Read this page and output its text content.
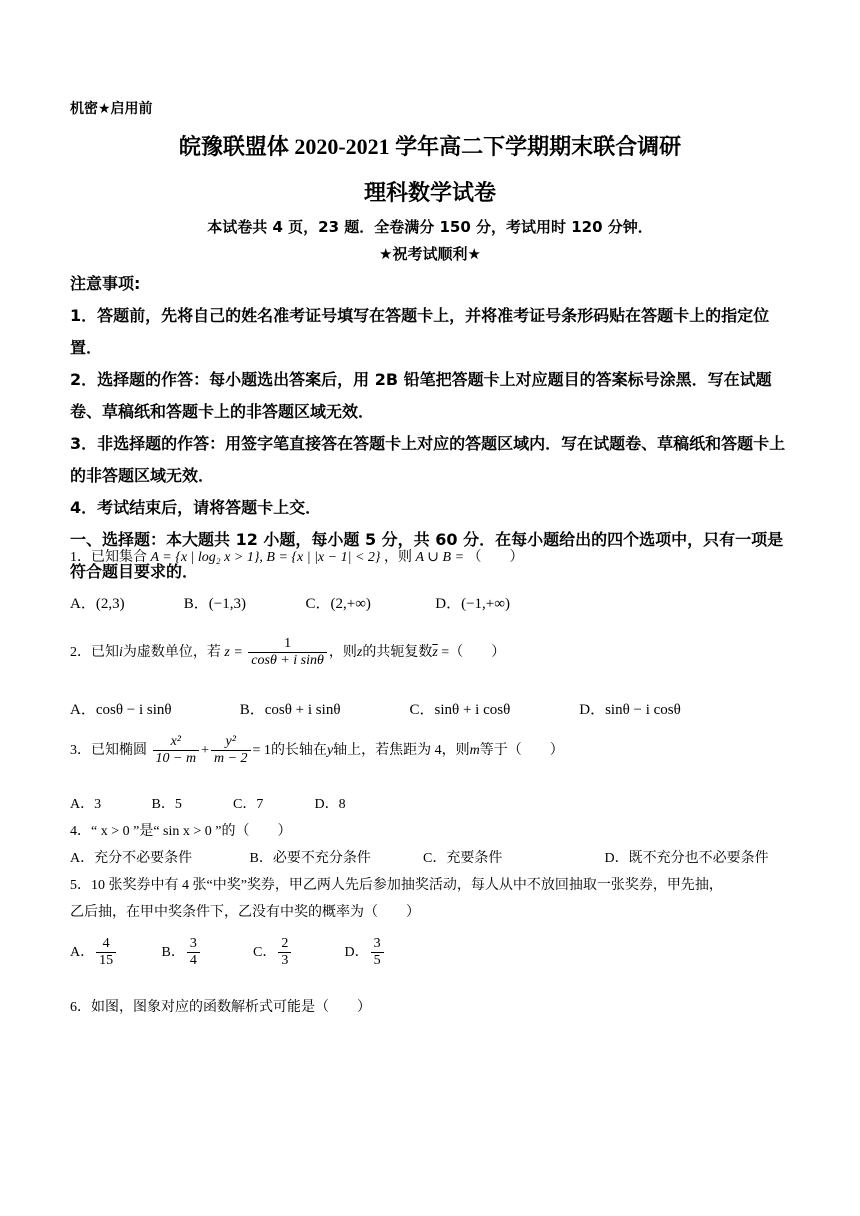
机密★启用前
皖豫联盟体 2020-2021 学年高二下学期期末联合调研
理科数学试卷
本试卷共 4 页，23 题．全卷满分 150 分，考试用时 120 分钟．
★祝考试顺利★
注意事项:
1．答题前，先将自己的姓名准考证号填写在答题卡上，并将准考证号条形码贴在答题卡上的指定位置．
2．选择题的作答：每小题选出答案后，用 2B 铅笔把答题卡上对应题目的答案标号涂黑．写在试题卷、草稿纸和答题卡上的非答题区域无效．
3．非选择题的作答：用签字笔直接答在答题卡上对应的答题区域内．写在试题卷、草稿纸和答题卡上的非答题区域无效．
4．考试结束后，请将答题卡上交．
一、选择题：本大题共 12 小题，每小题 5 分，共 60 分．在每小题给出的四个选项中，只有一项是符合题目要求的．
1．已知集合 A = {x | log₂ x > 1}, B = {x | |x − 1| < 2} ，则 A ∪ B = （　　）
A．(2,3)	B．(−1,3)	C．(2,+∞)	D．(−1,+∞)
2．已知i为虚数单位，若 $z = \frac{1}{\text{cosθ + i sinθ}}$ ，则z的共轭复数$\overline{z}$ =（　　）
A．cosθ − i sinθ	B．cosθ + i sinθ	C．sinθ + i cosθ	D．sinθ − i cosθ
3．已知椭圆 $\frac{\text{x²}}{10 - m} + \frac{\text{y²}}{m - 2} = 1$的长轴在y轴上，若焦距为 4，则m等于（　　）
A．3	B．5	C．7	D．8
4．“ x > 0 ”是“ sin x > 0 ”的（　　）
A．充分不必要条件	B．必要不充分条件	C．充要条件	D．既不充分也不必要条件
5．10 张奖券中有 4 张“中奖”奖券，甲乙两人先后参加抽奖活动，每人从中不放回抽取一张奖券，甲先抽，
乙后抽，在甲中奖条件下，乙没有中奖的概率为（　　）
A． $\frac{4}{15}$	B． $\frac{3}{4}$	C． $\frac{2}{3}$	D． $\frac{3}{5}$
6．如图，图象对应的函数解析式可能是（　　）
